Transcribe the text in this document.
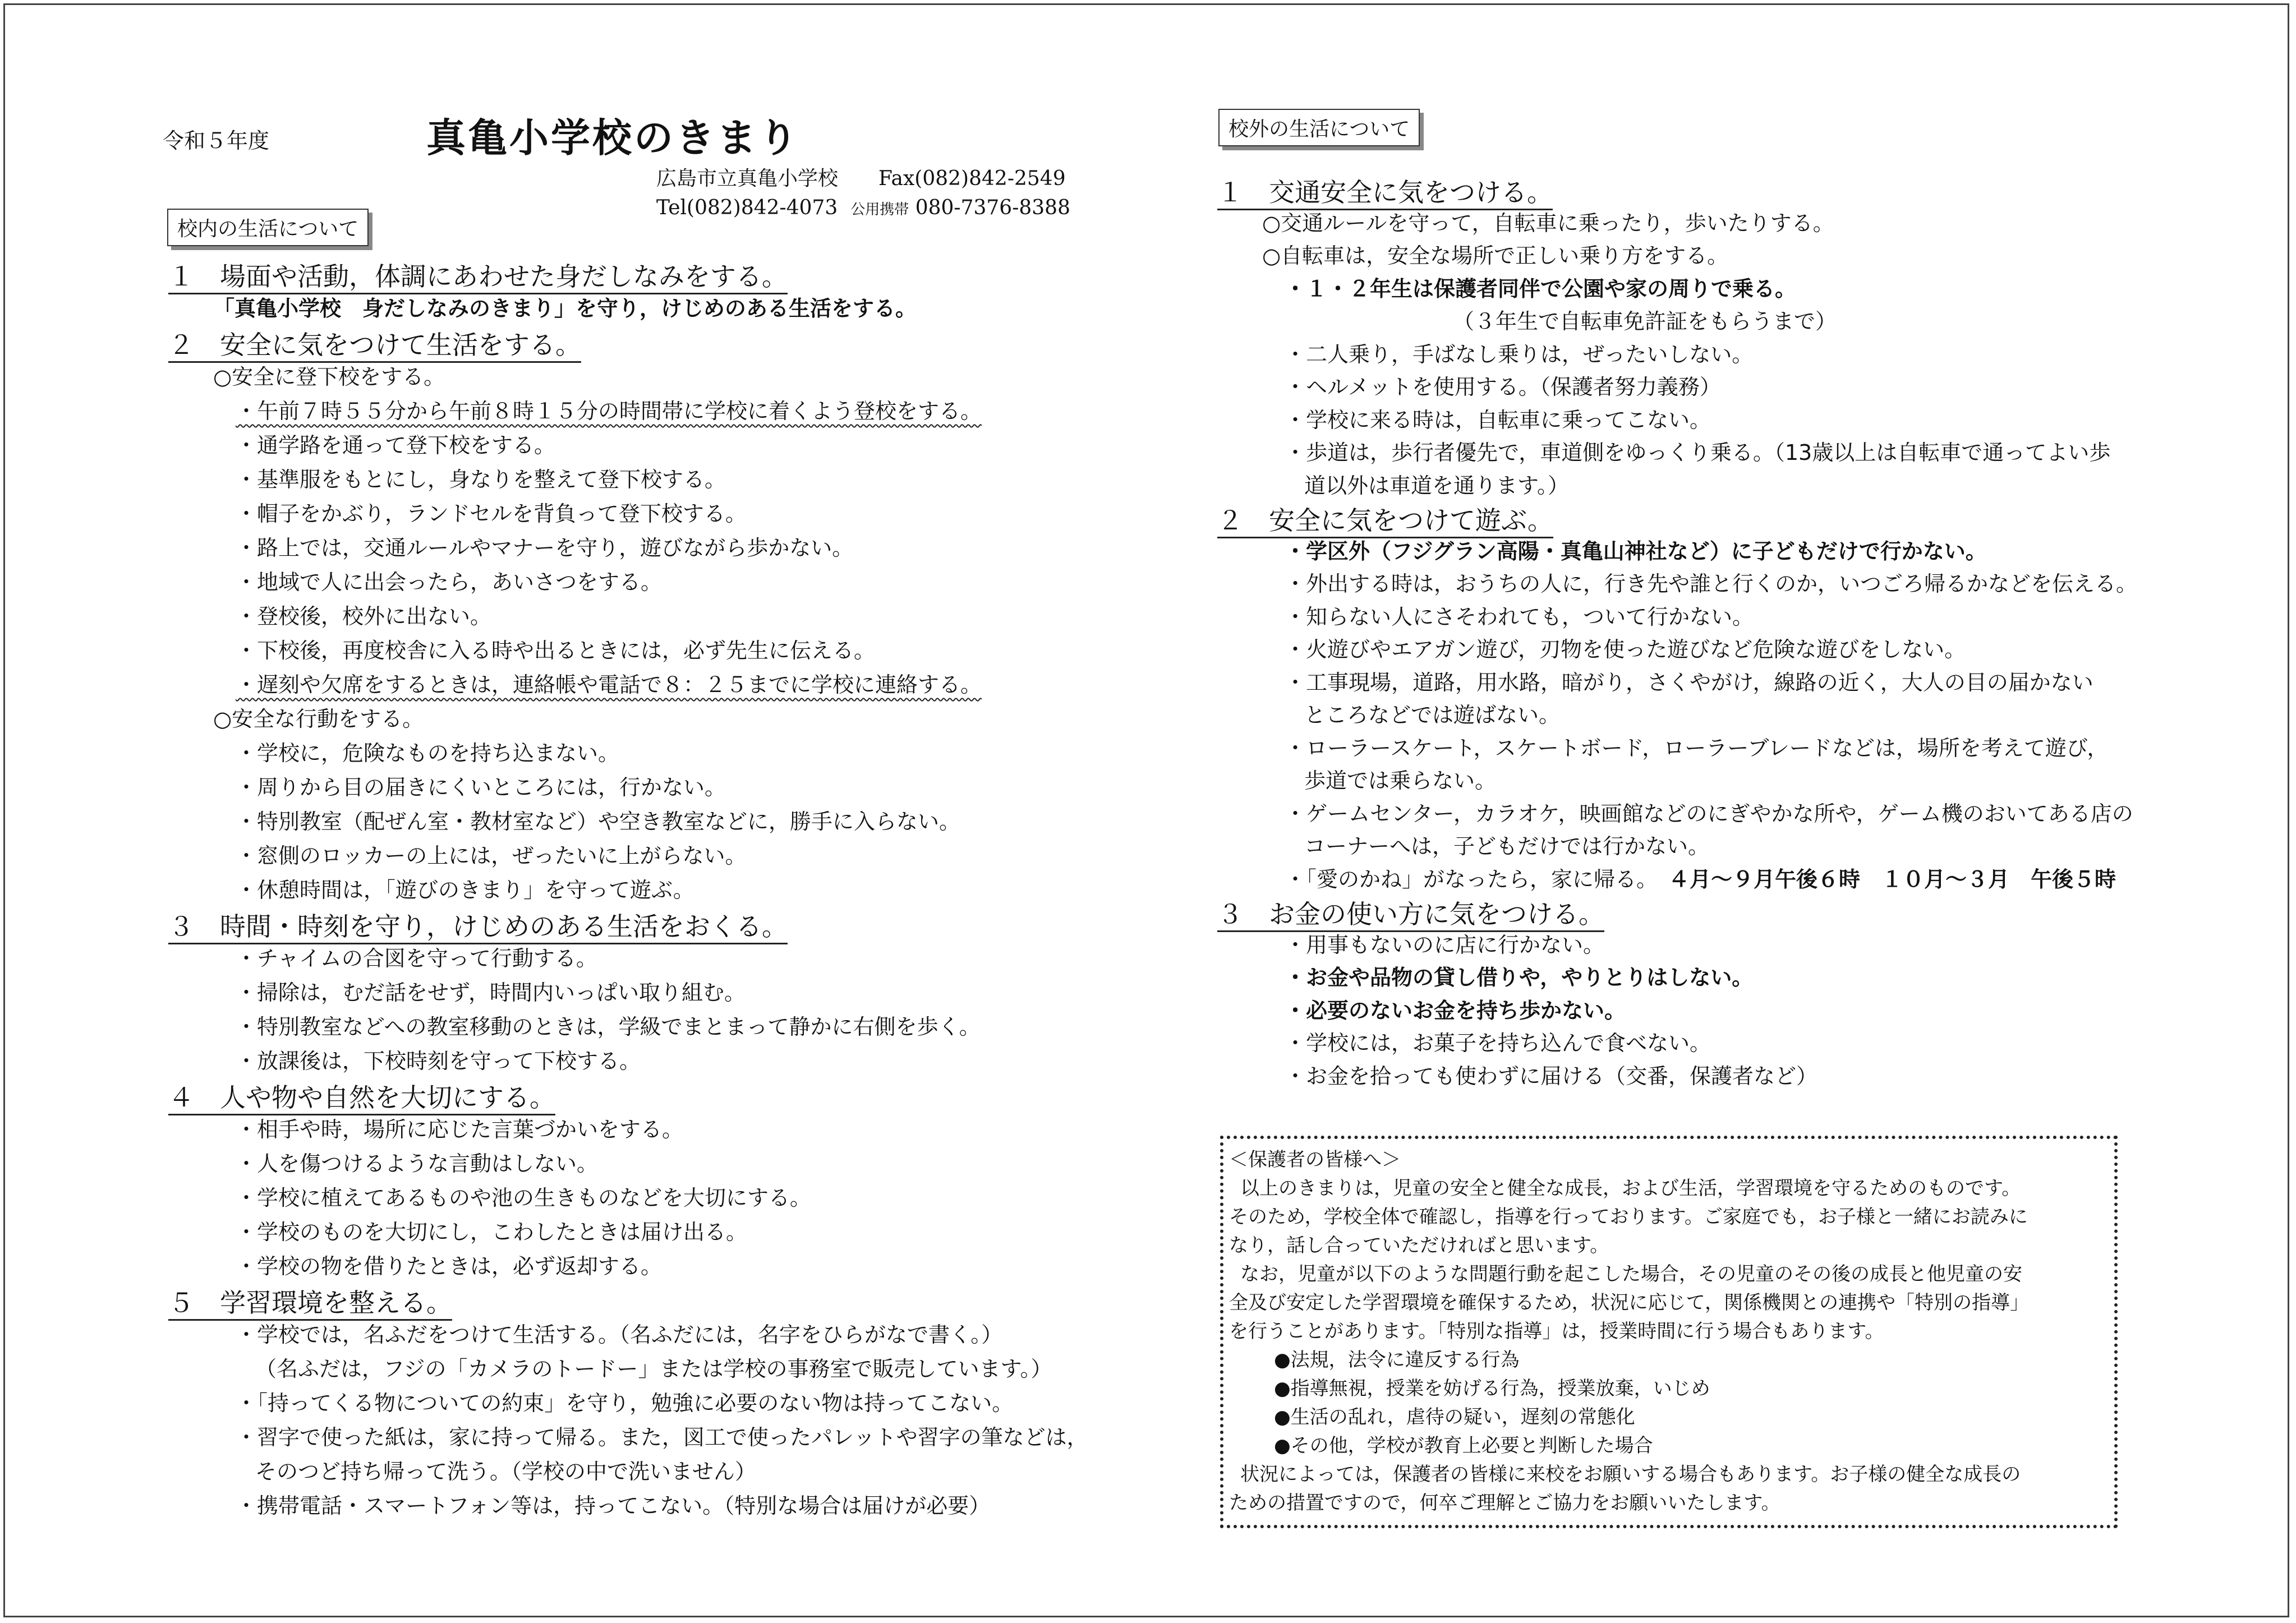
令和５年度	真亀小学校のきまり
広島市立真亀小学校　　Fax(082)842-2549
Tel(082)842-4073 公用携帯 080-7376-8388
校内の生活について
校外の生活について
１　場面や活動，体調にあわせた身だしなみをする。
「真亀小学校　身だしなみのきまり」を守り，けじめのある生活をする。
２　安全に気をつけて生活をする。
○安全に登下校をする。
・午前７時５５分から午前８時１５分の時間帯に学校に着くよう登校をする。
・通学路を通って登下校をする。
・基準服をもとにし，身なりを整えて登下校する。
・帽子をかぶり，ランドセルを背負って登下校する。
・路上では，交通ルールやマナーを守り，遊びながら歩かない。
・地域で人に出会ったら，あいさつをする。
・登校後，校外に出ない。
・下校後，再度校舎に入る時や出るときには，必ず先生に伝える。
・遅刻や欠席をするときは，連絡帳や電話で８：２５までに学校に連絡する。
○安全な行動をする。
・学校に，危険なものを持ち込まない。
・周りから目の届きにくいところには，行かない。
・特別教室（配ぜん室・教材室など）や空き教室などに，勝手に入らない。
・窓側のロッカーの上には，ぜったいに上がらない。
・休憩時間は，「遊びのきまり」を守って遊ぶ。
３　時間・時刻を守り，けじめのある生活をおくる。
・チャイムの合図を守って行動する。
・掃除は，むだ話をせず，時間内いっぱい取り組む。
・特別教室などへの教室移動のときは，学級でまとまって静かに右側を歩く。
・放課後は，下校時刻を守って下校する。
４　人や物や自然を大切にする。
・相手や時，場所に応じた言葉づかいをする。
・人を傷つけるような言動はしない。
・学校に植えてあるものや池の生きものなどを大切にする。
・学校のものを大切にし，こわしたときは届け出る。
・学校の物を借りたときは，必ず返却する。
５　学習環境を整える。
・学校では，名ふだをつけて生活する。（名ふだには，名字をひらがなで書く。）
（名ふだは，フジの「カメラのトードー」または学校の事務室で販売しています。）
・「持ってくる物についての約束」を守り，勉強に必要のない物は持ってこない。
・習字で使った紙は，家に持って帰る。また，図工で使ったパレットや習字の筆などは，
そのつど持ち帰って洗う。（学校の中で洗いません）
・携帯電話・スマートフォン等は，持ってこない。（特別な場合は届けが必要）
１　交通安全に気をつける。
○交通ルールを守って，自転車に乗ったり，歩いたりする。
○自転車は，安全な場所で正しい乗り方をする。
・１・２年生は保護者同伴で公園や家の周りで乗る。
（３年生で自転車免許証をもらうまで）
・二人乗り，手ばなし乗りは，ぜったいしない。
・ヘルメットを使用する。（保護者努力義務）
・学校に来る時は，自転車に乗ってこない。
・歩道は，歩行者優先で，車道側をゆっくり乗る。（13歳以上は自転車で通ってよい歩
道以外は車道を通ります。）
２　安全に気をつけて遊ぶ。
・学区外（フジグラン高陽・真亀山神社など）に子どもだけで行かない。
・外出する時は，おうちの人に，行き先や誰と行くのか，いつごろ帰るかなどを伝える。
・知らない人にさそわれても，ついて行かない。
・火遊びやエアガン遊び，刃物を使った遊びなど危険な遊びをしない。
・工事現場，道路，用水路，暗がり，さくやがけ，線路の近く，大人の目の届かない
ところなどでは遊ばない。
・ローラースケート，スケートボード，ローラーブレードなどは，場所を考えて遊び，
歩道では乗らない。
・ゲームセンター，カラオケ，映画館などのにぎやかな所や，ゲーム機のおいてある店の
コーナーへは，子どもだけでは行かない。
・「愛のかね」がなったら，家に帰る。　４月～９月午後６時　１０月～３月　午後５時
３　お金の使い方に気をつける。
・用事もないのに店に行かない。
・お金や品物の貸し借りや，やりとりはしない。
・必要のないお金を持ち歩かない。
・学校には，お菓子を持ち込んで食べない。
・お金を拾っても使わずに届ける（交番，保護者など）
＜保護者の皆様へ＞
以上のきまりは，児童の安全と健全な成長，および生活，学習環境を守るためのものです。
そのため，学校全体で確認し，指導を行っております。ご家庭でも，お子様と一緒にお読みに
なり，話し合っていただければと思います。
なお，児童が以下のような問題行動を起こした場合，その児童のその後の成長と他児童の安
全及び安定した学習環境を確保するため，状況に応じて，関係機関との連携や「特別の指導」
を行うことがあります。「特別な指導」は，授業時間に行う場合もあります。
●法規，法令に違反する行為
●指導無視，授業を妨げる行為，授業放棄，いじめ
●生活の乱れ，虐待の疑い，遅刻の常態化
●その他，学校が教育上必要と判断した場合
状況によっては，保護者の皆様に来校をお願いする場合もあります。お子様の健全な成長の
ための措置ですので，何卒ご理解とご協力をお願いいたします。
